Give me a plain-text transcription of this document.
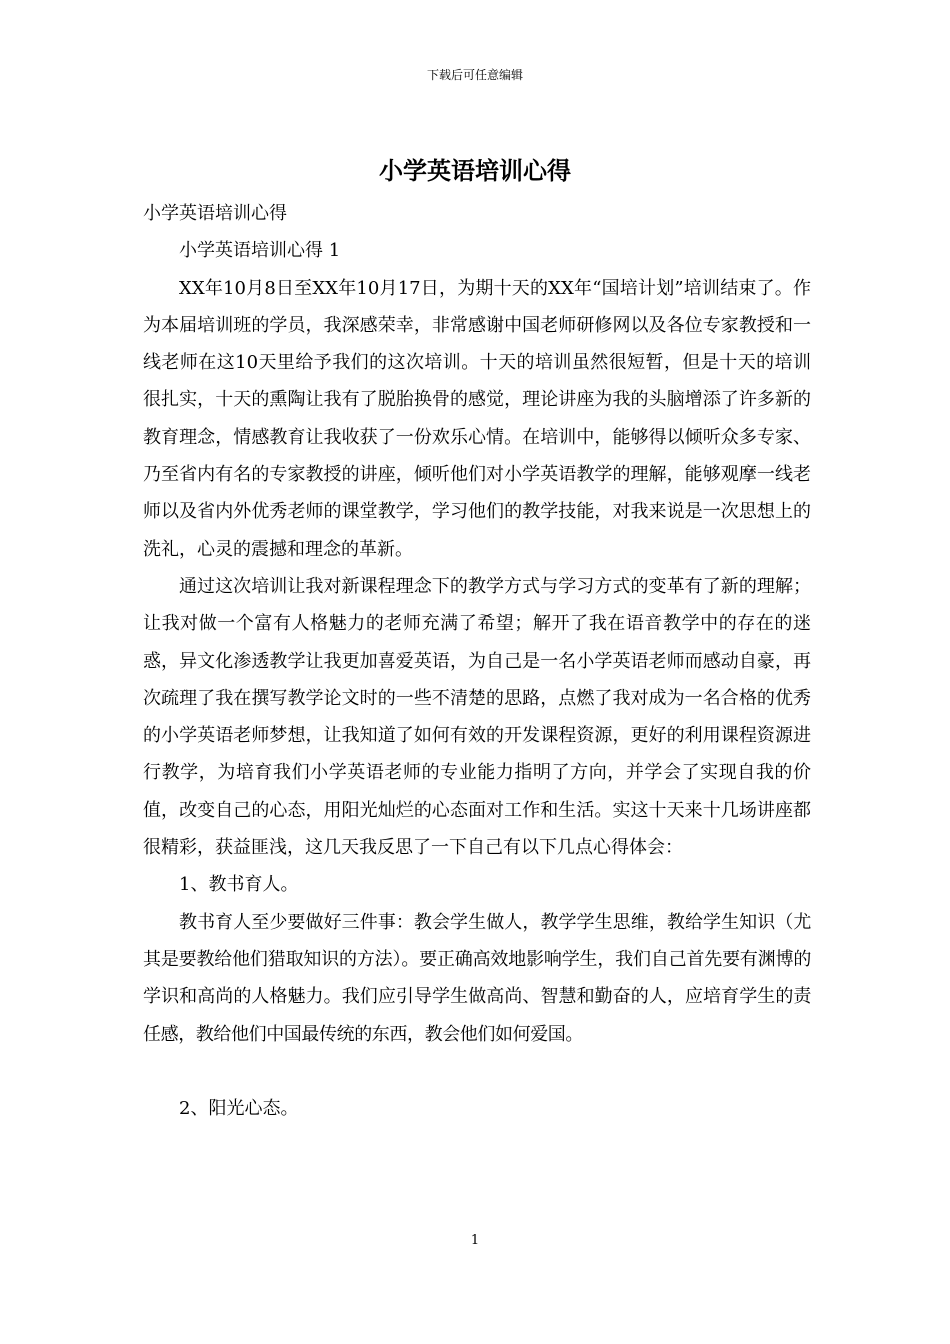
下载后可任意编辑
小学英语培训心得

小学英语培训心得

小学英语培训心得 1

XX年10月8日至XX年10月17日，为期十天的XX年“国培计划”培训结束了。作为本届培训班的学员，我深感荣幸，非常感谢中国老师研修网以及各位专家教授和一线老师在这10天里给予我们的这次培训。十天的培训虽然很短暂，但是十天的培训很扎实，十天的熏陶让我有了脱胎换骨的感觉，理论讲座为我的头脑增添了许多新的教育理念，情感教育让我收获了一份欢乐心情。在培训中，能够得以倾听众多专家、乃至省内有名的专家教授的讲座，倾听他们对小学英语教学的理解，能够观摩一线老师以及省内外优秀老师的课堂教学，学习他们的教学技能，对我来说是一次思想上的洗礼，心灵的震撼和理念的革新。

通过这次培训让我对新课程理念下的教学方式与学习方式的变革有了新的理解；让我对做一个富有人格魅力的老师充满了希望；解开了我在语音教学中的存在的迷惑，异文化渗透教学让我更加喜爱英语，为自己是一名小学英语老师而感动自豪，再次疏理了我在撰写教学论文时的一些不清楚的思路，点燃了我对成为一名合格的优秀的小学英语老师梦想，让我知道了如何有效的开发课程资源，更好的利用课程资源进行教学，为培育我们小学英语老师的专业能力指明了方向，并学会了实现自我的价值，改变自己的心态，用阳光灿烂的心态面对工作和生活。实这十天来十几场讲座都很精彩，获益匪浅，这几天我反思了一下自己有以下几点心得体会：

1、教书育人。

教书育人至少要做好三件事：教会学生做人，教学学生思维，教给学生知识（尤其是要教给他们猎取知识的方法）。要正确高效地影响学生，我们自己首先要有渊博的学识和高尚的人格魅力。我们应引导学生做高尚、智慧和勤奋的人，应培育学生的责任感，教给他们中国最传统的东西，教会他们如何爱国。

2、阳光心态。

1
